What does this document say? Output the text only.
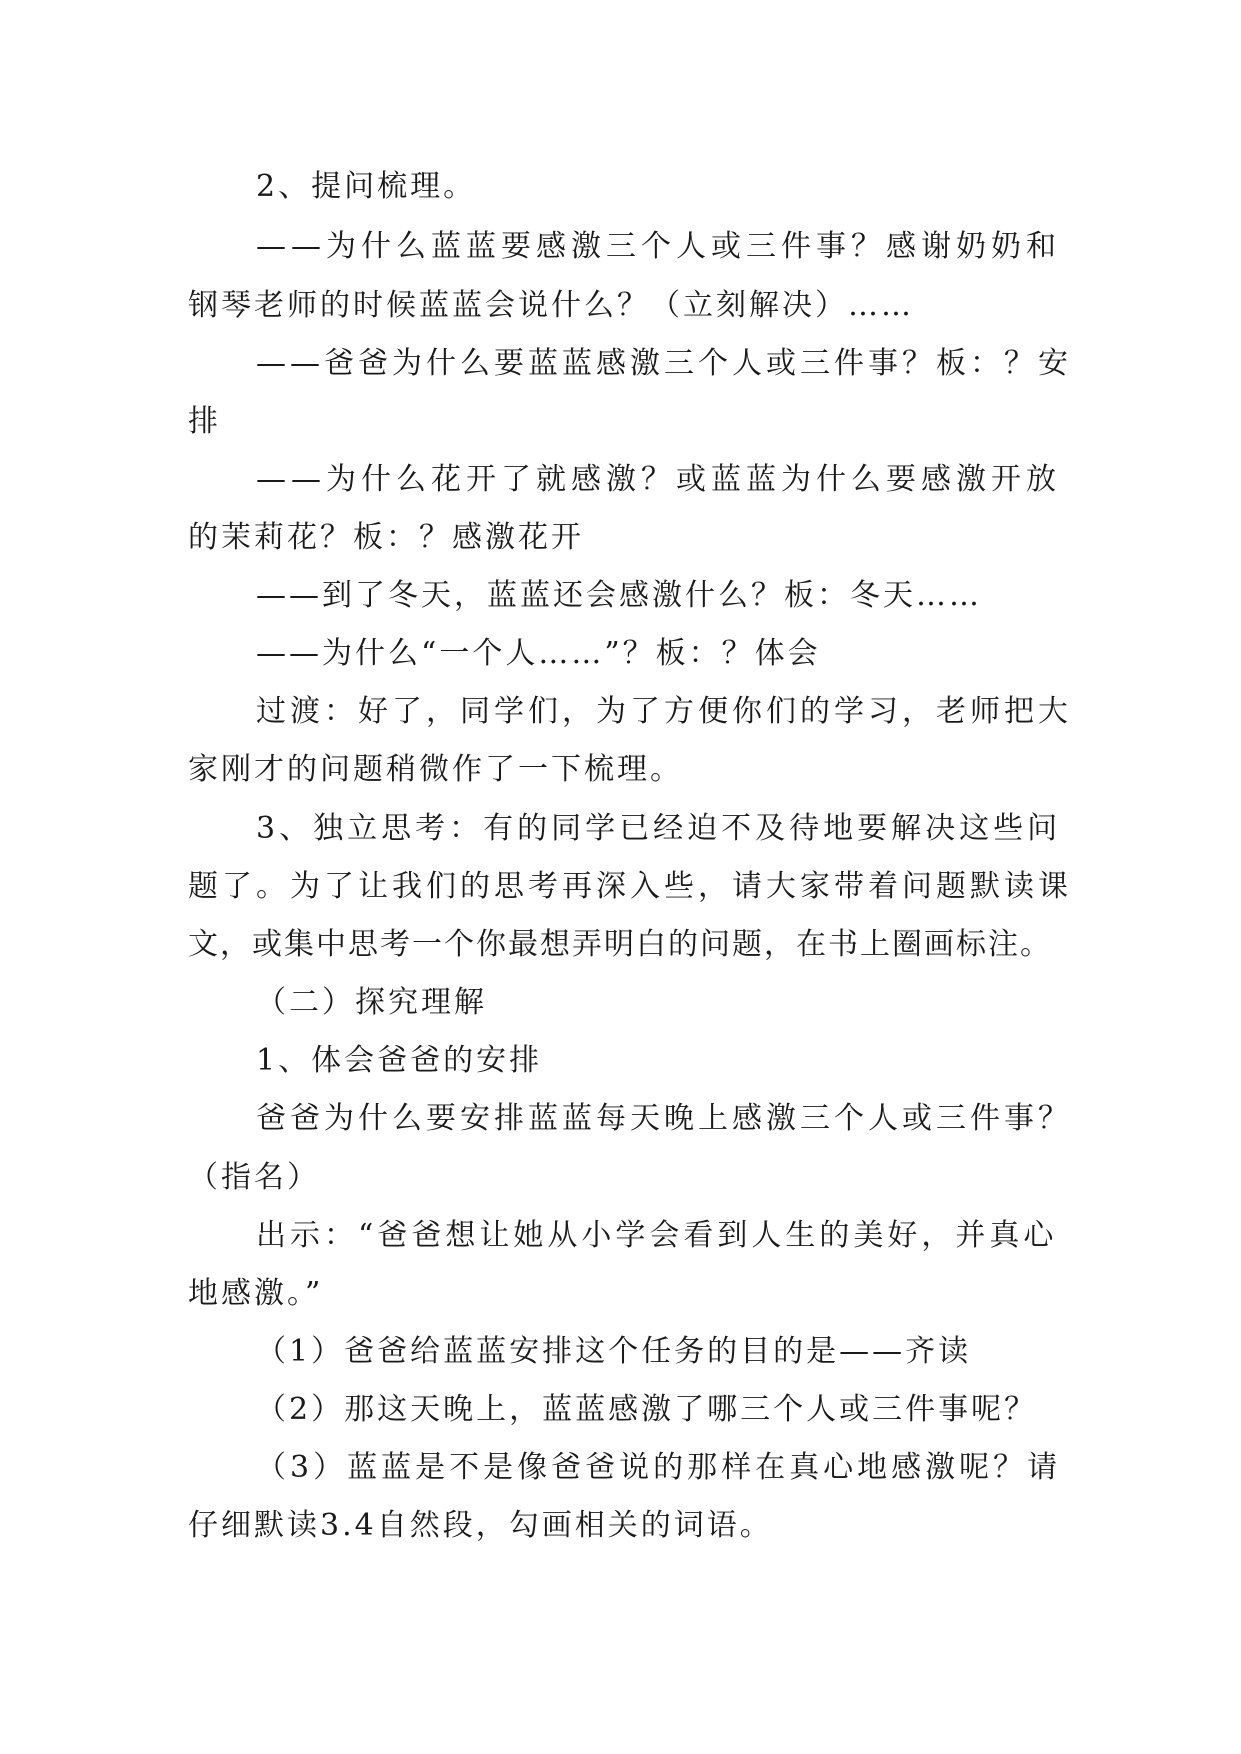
2、提问梳理。
——为什么蓝蓝要感激三个人或三件事？感谢奶奶和
钢琴老师的时候蓝蓝会说什么？（立刻解决）……
——爸爸为什么要蓝蓝感激三个人或三件事？板：？安
排
——为什么花开了就感激？或蓝蓝为什么要感激开放
的茉莉花？板：？感激花开
——到了冬天，蓝蓝还会感激什么？板：冬天……
——为什么“一个人……”？板：？体会
过渡：好了，同学们，为了方便你们的学习，老师把大
家刚才的问题稍微作了一下梳理。
3、独立思考：有的同学已经迫不及待地要解决这些问
题了。为了让我们的思考再深入些，请大家带着问题默读课
文，或集中思考一个你最想弄明白的问题，在书上圈画标注。
（二）探究理解
1、体会爸爸的安排
爸爸为什么要安排蓝蓝每天晚上感激三个人或三件事？
（指名）
出示：“爸爸想让她从小学会看到人生的美好，并真心
地感激。”
（1）爸爸给蓝蓝安排这个任务的目的是——齐读
（2）那这天晚上，蓝蓝感激了哪三个人或三件事呢？
（3）蓝蓝是不是像爸爸说的那样在真心地感激呢？请
仔细默读3.4自然段，勾画相关的词语。
